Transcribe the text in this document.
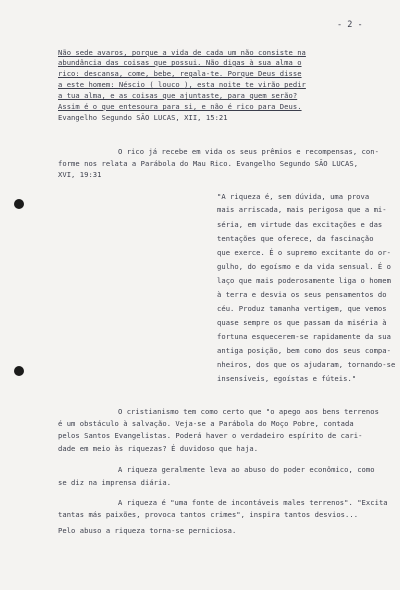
- 2 -
Não sede avaros, porque a vida de cada um não consiste na
abundância das coisas que possui. Não digas à sua alma o
rico: descansa, come, bebe, regala-te. Porque Deus disse
a este homem: Néscio ( louco ), esta noite te virão pedir
a tua alma, e as coisas que ajuntaste, para quem serão?
Assim é o que entesoura para si, e não é rico para Deus.
Evangelho Segundo SÃO LUCAS, XII, 15:21
O rico já recebe em vida os seus prêmios e recompensas, con-
forme nos relata a Parábola do Mau Rico. Evangelho Segundo SÃO LUCAS,
XVI, 19:31
"A riqueza é, sem dúvida, uma prova
mais arriscada, mais perigosa que a mi-
séria, em virtude das excitações e das
tentações que oferece, da fascinação
que exerce. É o supremo excitante do or-
gulho, do egoísmo e da vida sensual. É o
laço que mais poderosamente liga o homem
à terra e desvia os seus pensamentos do
céu. Produz tamanha vertigem, que vemos
quase sempre os que passam da miséria à
fortuna esquecerem-se rapidamente da sua
antiga posição, bem como dos seus compa-
nheiros, dos que os ajudaram, tornando-se
insensíveis, egoístas e fúteis."
O cristianismo tem como certo que "o apego aos bens terrenos
é um obstáculo à salvação. Veja-se a Parábola do Moço Pobre, contada
pelos Santos Evangelistas. Poderá haver o verdadeiro espírito de cari-
dade em meio às riquezas? É duvidoso que haja.
A riqueza geralmente leva ao abuso do poder econômico, como
se diz na imprensa diária.
A riqueza é "uma fonte de incontáveis males terrenos". "Excita
tantas más paixões, provoca tantos crimes", inspira tantos desvios...
Pelo abuso a riqueza torna-se perniciosa.
